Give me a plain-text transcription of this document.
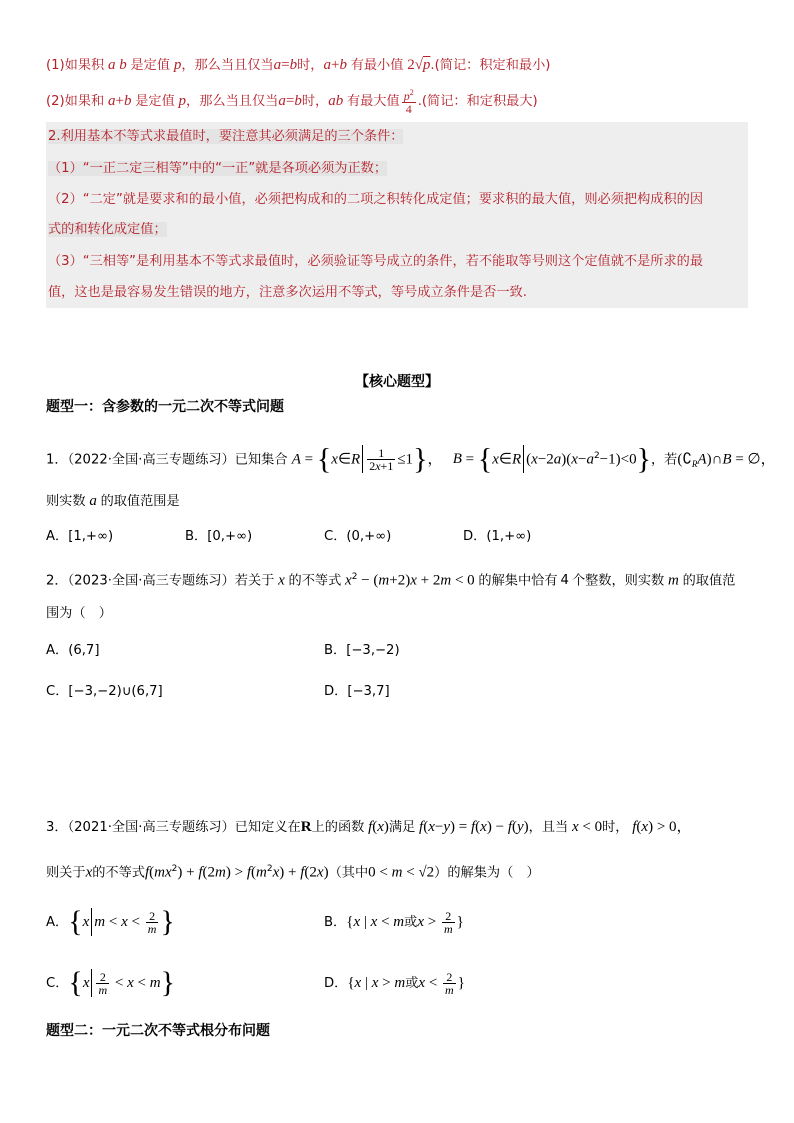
(1)如果积 a b 是定值 p，那么当且仅当a=b时，a+b 有最小值 2√p.(简记：积定和最小)
(2)如果和 a+b 是定值 p，那么当且仅当a=b时，ab 有最大值 $\frac{p^2}{4}$ .(简记：和定积最大)
2.利用基本不等式求最值时，要注意其必须满足的三个条件：
（1）“一正二定三相等”中的“一正”就是各项必须为正数；
（2）“二定”就是要求和的最小值，必须把构成和的二项之积转化成定值；要求积的最大值，则必须把构成积的因
式的和转化成定值；
（3）“三相等”是利用基本不等式求最值时，必须验证等号成立的条件，若不能取等号则这个定值就不是所求的最
值，这也是最容易发生错误的地方，注意多次运用不等式，等号成立条件是否一致.
【核心题型】
题型一：含参数的一元二次不等式问题
1．（2022·全国·高三专题练习）已知集合 A = {x∈R $\frac{1}{2x+1} \le 1$}， B = {x∈R $(x-2a)(x-a^2-1)<0$}，若$(∁_RA)\cap B$ = ∅，
则实数 a 的取值范围是
A．[1,+∞)	B．[0,+∞)	C．(0,+∞)	D．(1,+∞)
2．（2023·全国·高三专题练习）若关于 x 的不等式 $x^2 - (m+2)x + 2m < 0$ 的解集中恰有 4 个整数，则实数 m 的取值范
围为（　）
A．(6,7]	B．[−3,−2)
C．[−3,−2)∪(6,7]	D．[−3,7]
3．（2021·全国·高三专题练习）已知定义在R上的函数 f(x)满足 f(x−y) = f(x) − f(y)，且当 x < 0时， f(x) > 0，
则关于x的不等式$f(mx^2) + f(2m) > f(m^2x) + f(2x)$（其中0 < m < √2）的解集为（　）
A．{x $m < x < \frac{2}{m}$ }	B．{x | x < m或$x > \frac{2}{m}$ }
C．$\{x \frac{2}{m} < x < m\}$	D．{x | x > m或$x < \frac{2}{m}$ }
题型二：一元二次不等式根分布问题
